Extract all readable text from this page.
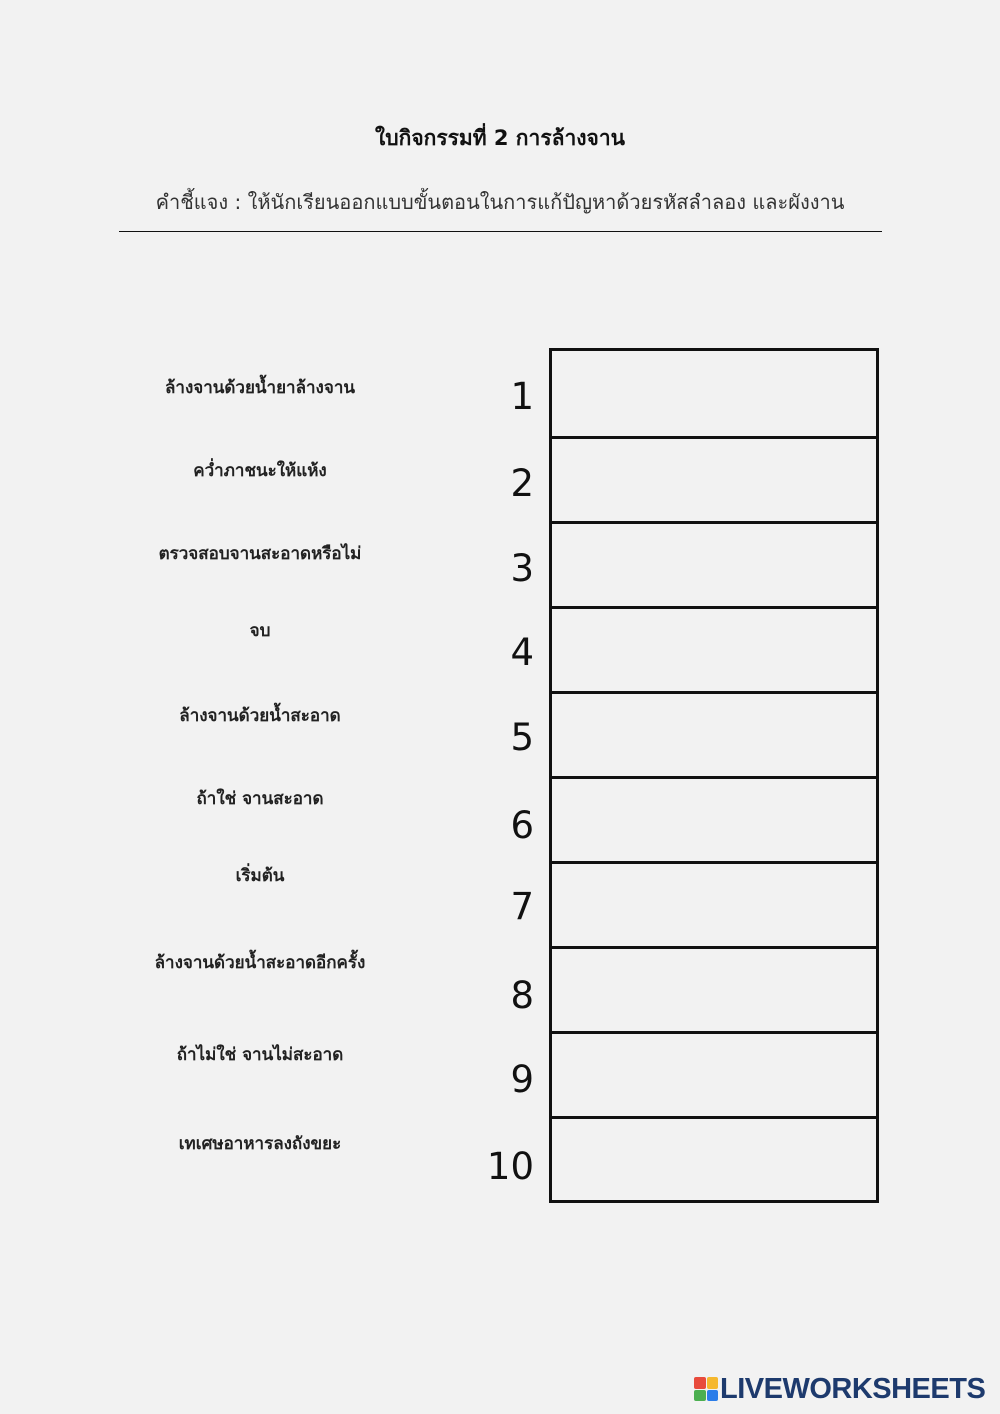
ใบกิจกรรมที่ 2 การล้างจาน
คำชี้แจง : ให้นักเรียนออกแบบขั้นตอนในการแก้ปัญหาด้วยรหัสลำลอง และผังงาน
ล้างจานด้วยน้ำยาล้างจาน
คว่ำภาชนะให้แห้ง
ตรวจสอบจานสะอาดหรือไม่
จบ
ล้างจานด้วยน้ำสะอาด
ถ้าใช่ จานสะอาด
เริ่มต้น
ล้างจานด้วยน้ำสะอาดอีกครั้ง
ถ้าไม่ใช่ จานไม่สะอาด
เทเศษอาหารลงถังขยะ
1
2
3
4
5
6
7
8
9
10
LIVEWORKSHEETS
